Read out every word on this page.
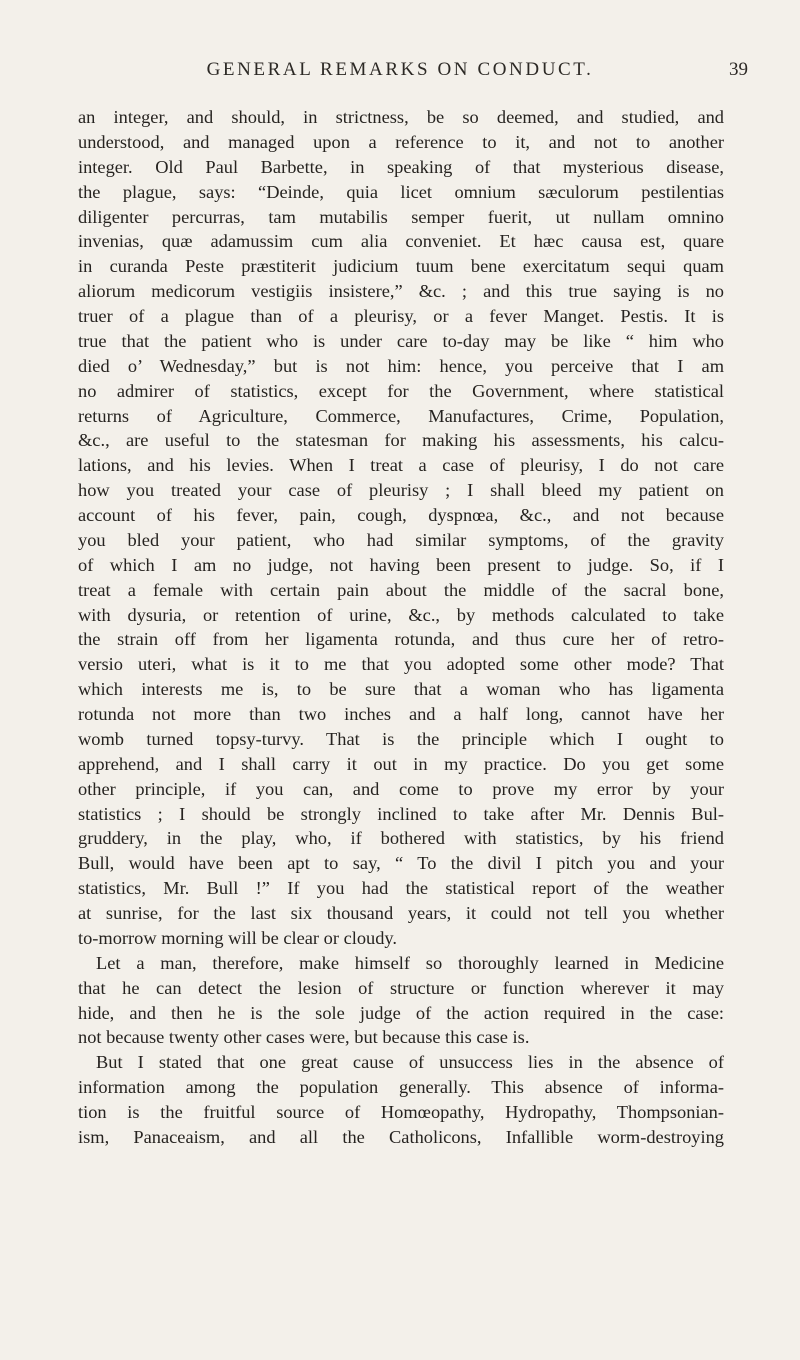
GENERAL REMARKS ON CONDUCT.	39
an integer, and should, in strictness, be so deemed, and studied, and
understood, and managed upon a reference to it, and not to another
integer. Old Paul Barbette, in speaking of that mysterious disease,
the plague, says: “Deinde, quia licet omnium sæculorum pestilentias
diligenter percurras, tam mutabilis semper fuerit, ut nullam omnino
invenias, quæ adamussim cum alia conveniet. Et hæc causa est, quare
in curanda Peste præstiterit judicium tuum bene exercitatum sequi quam
aliorum medicorum vestigiis insistere,” &c. ; and this true saying is no
truer of a plague than of a pleurisy, or a fever Manget. Pestis. It is
true that the patient who is under care to-day may be like “ him who
died o’ Wednesday,” but is not him: hence, you perceive that I am
no admirer of statistics, except for the Government, where statistical
returns of Agriculture, Commerce, Manufactures, Crime, Population,
&c., are useful to the statesman for making his assessments, his calcu-
lations, and his levies. When I treat a case of pleurisy, I do not care
how you treated your case of pleurisy ; I shall bleed my patient on
account of his fever, pain, cough, dyspnœa, &c., and not because
you bled your patient, who had similar symptoms, of the gravity
of which I am no judge, not having been present to judge. So, if I
treat a female with certain pain about the middle of the sacral bone,
with dysuria, or retention of urine, &c., by methods calculated to take
the strain off from her ligamenta rotunda, and thus cure her of retro-
versio uteri, what is it to me that you adopted some other mode? That
which interests me is, to be sure that a woman who has ligamenta
rotunda not more than two inches and a half long, cannot have her
womb turned topsy-turvy. That is the principle which I ought to
apprehend, and I shall carry it out in my practice. Do you get some
other principle, if you can, and come to prove my error by your
statistics ; I should be strongly inclined to take after Mr. Dennis Bul-
gruddery, in the play, who, if bothered with statistics, by his friend
Bull, would have been apt to say, “ To the divil I pitch you and your
statistics, Mr. Bull !” If you had the statistical report of the weather
at sunrise, for the last six thousand years, it could not tell you whether
to-morrow morning will be clear or cloudy.
Let a man, therefore, make himself so thoroughly learned in Medicine
that he can detect the lesion of structure or function wherever it may
hide, and then he is the sole judge of the action required in the case:
not because twenty other cases were, but because this case is.
But I stated that one great cause of unsuccess lies in the absence of
information among the population generally. This absence of informa-
tion is the fruitful source of Homœopathy, Hydropathy, Thompsonian-
ism, Panaceaism, and all the Catholicons, Infallible worm-destroying
